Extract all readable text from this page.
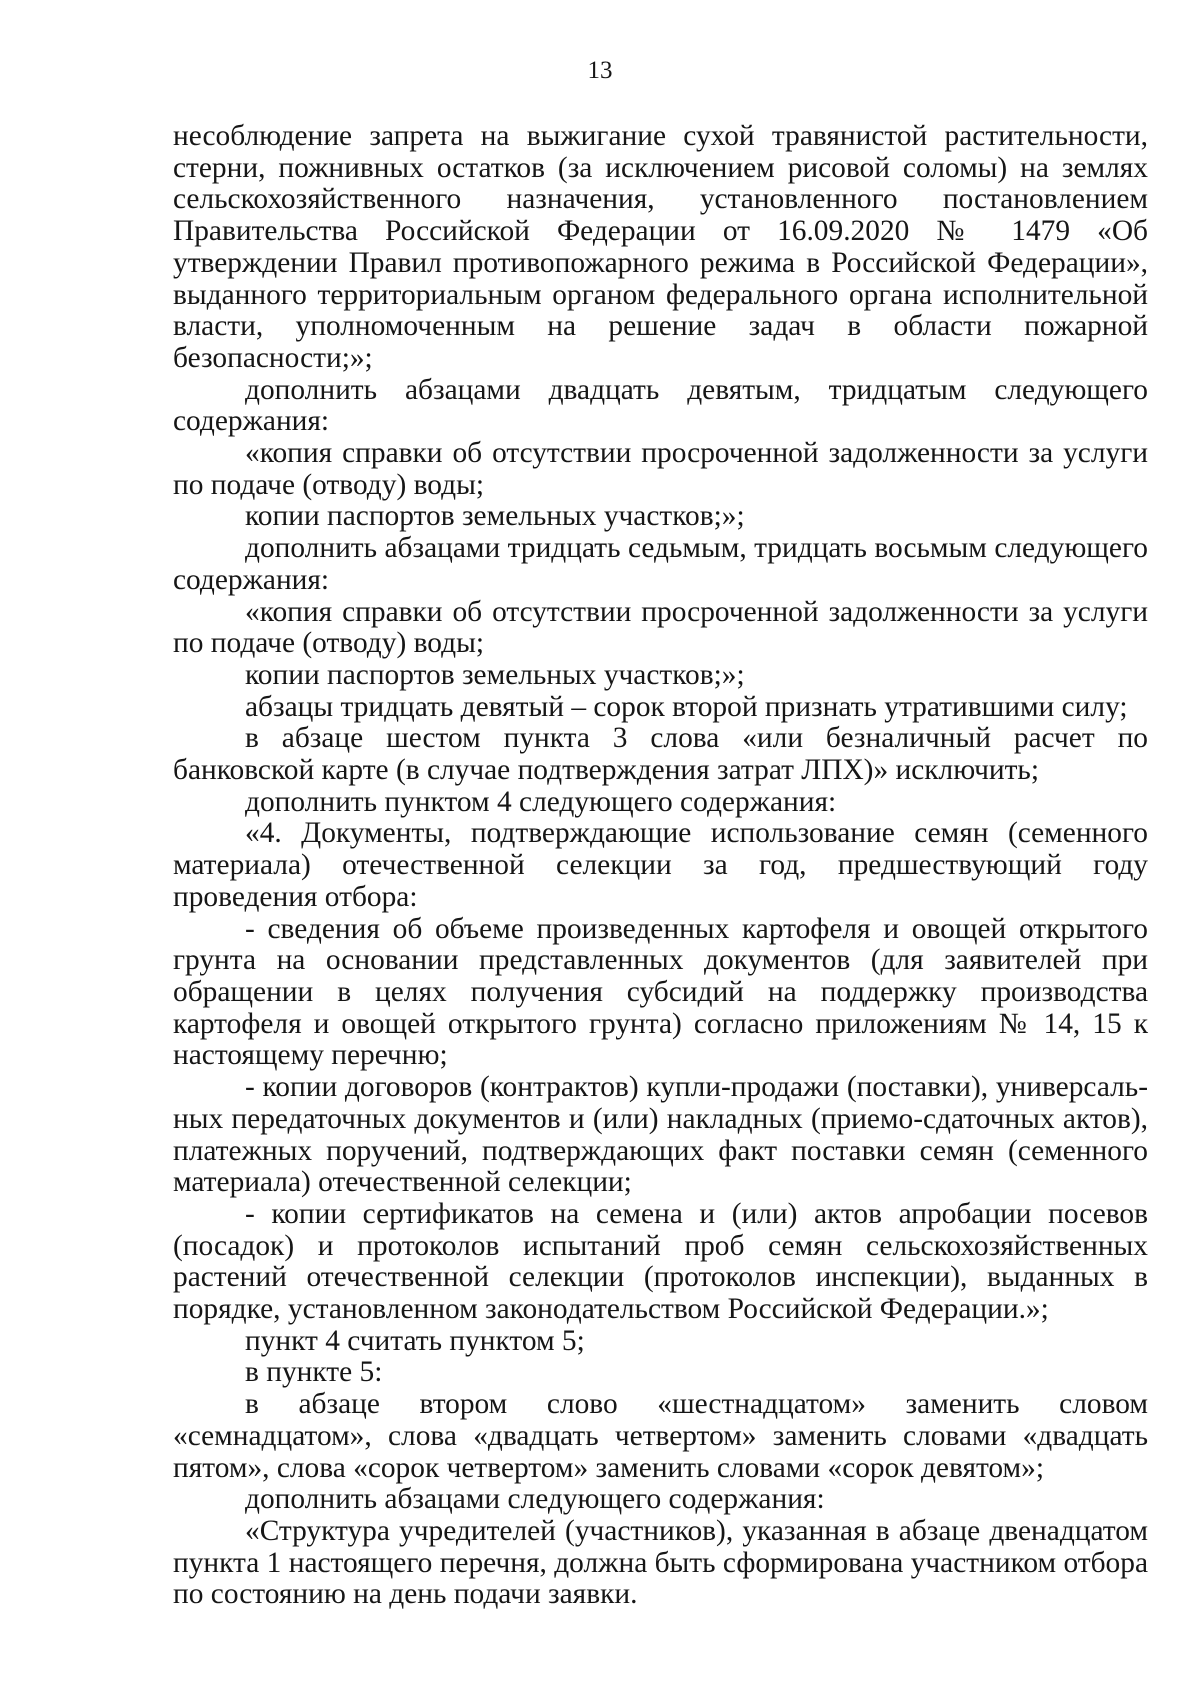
13

несоблюдение запрета на выжигание сухой травянистой растительности, стерни, пожнивных остатков (за исключением рисовой соломы) на землях сельскохозяйственного назначения, установленного постановлением Правительства Российской Федерации от 16.09.2020 № 1479 «Об утверждении Правил противопожарного режима в Российской Федерации», выданного территориальным органом федерального органа исполнительной власти, уполномоченным на решение задач в области пожарной безопасности;»;

дополнить абзацами двадцать девятым, тридцатым следующего содержания:

«копия справки об отсутствии просроченной задолженности за услуги по подаче (отводу) воды;

копии паспортов земельных участков;»;

дополнить абзацами тридцать седьмым, тридцать восьмым следующего содержания:

«копия справки об отсутствии просроченной задолженности за услуги по подаче (отводу) воды;

копии паспортов земельных участков;»;

абзацы тридцать девятый – сорок второй признать утратившими силу;

в абзаце шестом пункта 3 слова «или безналичный расчет по банковской карте (в случае подтверждения затрат ЛПХ)» исключить;

дополнить пунктом 4 следующего содержания:

«4. Документы, подтверждающие использование семян (семенного материала) отечественной селекции за год, предшествующий году проведения отбора:

- сведения об объеме произведенных картофеля и овощей открытого грунта на основании представленных документов (для заявителей при обращении в целях получения субсидий на поддержку производства картофеля и овощей открытого грунта) согласно приложениям № 14, 15 к настоящему перечню;

- копии договоров (контрактов) купли-продажи (поставки), универсальных передаточных документов и (или) накладных (приемо-сдаточных актов), платежных поручений, подтверждающих факт поставки семян (семенного материала) отечественной селекции;

- копии сертификатов на семена и (или) актов апробации посевов (посадок) и протоколов испытаний проб семян сельскохозяйственных растений отечественной селекции (протоколов инспекции), выданных в порядке, установленном законодательством Российской Федерации.»;

пункт 4 считать пунктом 5;

в пункте 5:

в абзаце втором слово «шестнадцатом» заменить словом «семнадцатом», слова «двадцать четвертом» заменить словами «двадцать пятом», слова «сорок четвертом» заменить словами «сорок девятом»;

дополнить абзацами следующего содержания:

«Структура учредителей (участников), указанная в абзаце двенадцатом пункта 1 настоящего перечня, должна быть сформирована участником отбора по состоянию на день подачи заявки.
